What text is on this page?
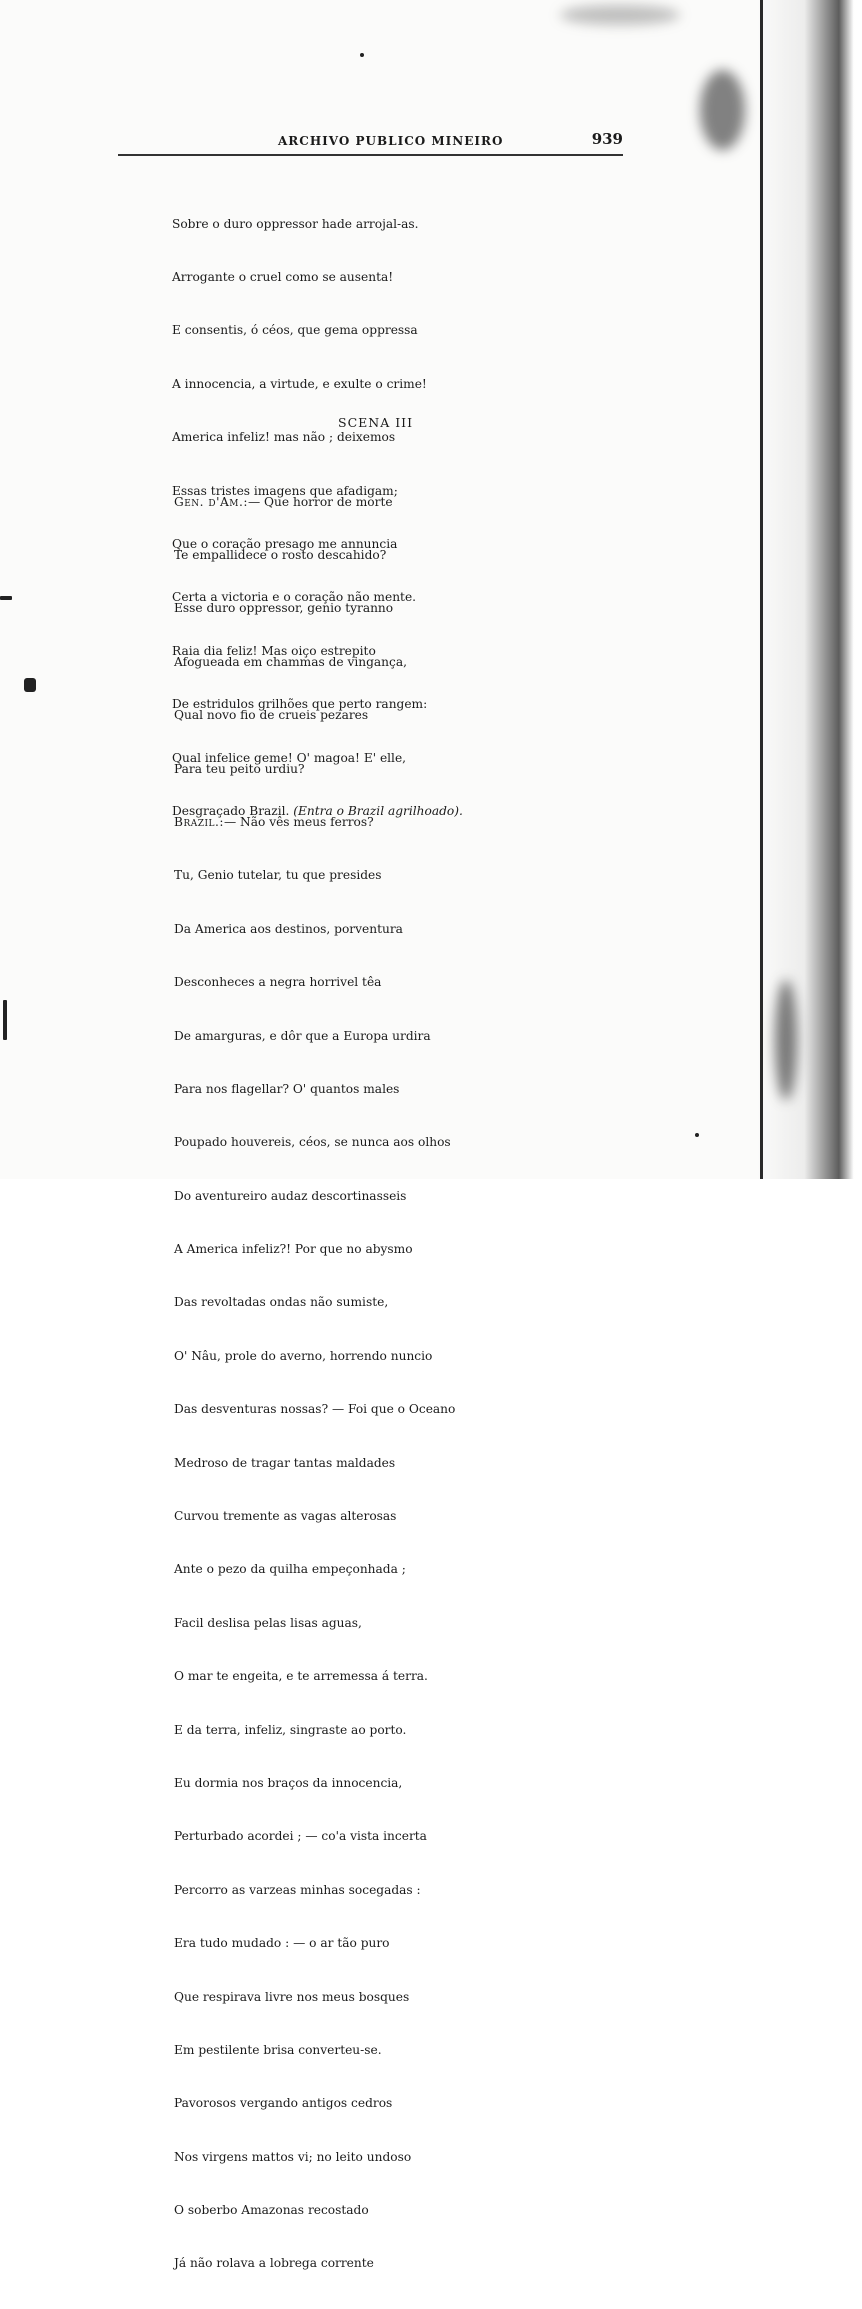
ARCHIVO PUBLICO MINEIRO	939

Sobre o duro oppressor hade arrojal-as.

Arrogante o cruel como se ausenta!

E consentis, ó céos, que gema oppressa

A innocencia, a virtude, e exulte o crime!

America infeliz! mas não ; deixemos

Essas tristes imagens que afadigam;

Que o coração presago me annuncia

Certa a victoria e o coração não mente.

Raia dia feliz! Mas oiço estrepito

De estridulos grilhões que perto rangem:

Qual infelice geme! O' magoa! E' elle,

Desgraçado Brazil. (Entra o Brazil agrilhoado).

SCENA III

Gen. d'Am.:— Que horror de morte

Te empallidece o rosto descahido?

Esse duro oppressor, genio tyranno

Afogueada em chammas de vingança,

Qual novo fio de crueis pezares

Para teu peito urdiu?

Brazil.:— Não vês meus ferros?

Tu, Genio tutelar, tu que presides

Da America aos destinos, porventura

Desconheces a negra horrivel têa

De amarguras, e dôr que a Europa urdira

Para nos flagellar? O' quantos males

Poupado houvereis, céos, se nunca aos olhos

Do aventureiro audaz descortinasseis

A America infeliz?! Por que no abysmo

Das revoltadas ondas não sumiste,

O' Nâu, prole do averno, horrendo nuncio

Das desventuras nossas? — Foi que o Oceano

Medroso de tragar tantas maldades

Curvou tremente as vagas alterosas

Ante o pezo da quilha empeçonhada ;

Facil deslisa pelas lisas aguas,

O mar te engeita, e te arremessa á terra.

E da terra, infeliz, singraste ao porto.

Eu dormia nos braços da innocencia,

Perturbado acordei ; — co'a vista incerta

Percorro as varzeas minhas socegadas :

Era tudo mudado : — o ar tão puro

Que respirava livre nos meus bosques

Em pestilente brisa converteu-se.

Pavorosos vergando antigos cedros

Nos virgens mattos vi; no leito undoso

O soberbo Amazonas recostado

Já não rolava a lobrega corrente
